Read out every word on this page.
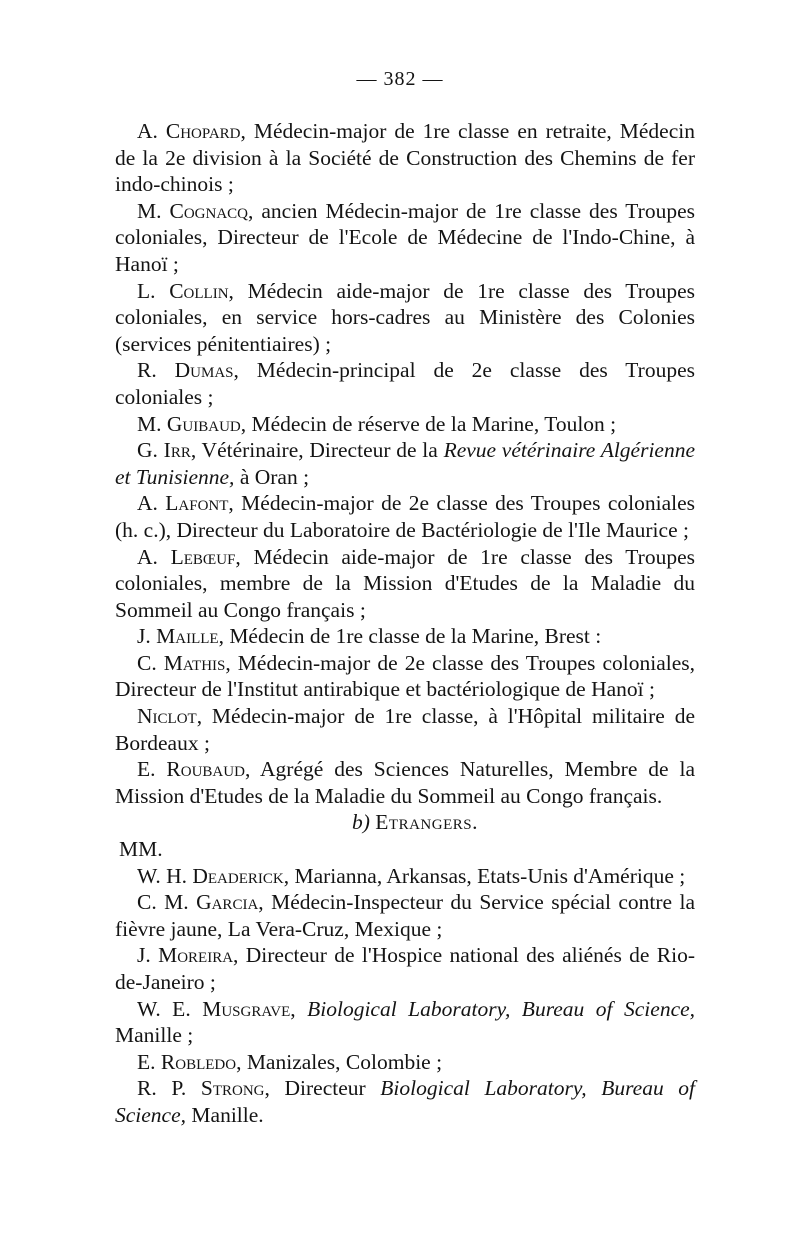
— 382 —

A. Chopard, Médecin-major de 1re classe en retraite, Médecin de la 2e division à la Société de Construction des Chemins de fer indo-chinois ;

M. Cognacq, ancien Médecin-major de 1re classe des Troupes coloniales, Directeur de l'Ecole de Médecine de l'Indo-Chine, à Hanoï ;

L. Collin, Médecin aide-major de 1re classe des Troupes coloniales, en service hors-cadres au Ministère des Colonies (services pénitentiaires) ;

R. Dumas, Médecin-principal de 2e classe des Troupes coloniales ;

M. Guibaud, Médecin de réserve de la Marine, Toulon ;

G. Irr, Vétérinaire, Directeur de la Revue vétérinaire Algérienne et Tunisienne, à Oran ;

A. Lafont, Médecin-major de 2e classe des Troupes coloniales (h. c.), Directeur du Laboratoire de Bactériologie de l'Ile Maurice ;

A. Lebœuf, Médecin aide-major de 1re classe des Troupes coloniales, membre de la Mission d'Etudes de la Maladie du Sommeil au Congo français ;

J. Maille, Médecin de 1re classe de la Marine, Brest :

C. Mathis, Médecin-major de 2e classe des Troupes coloniales, Directeur de l'Institut antirabique et bactériologique de Hanoï ;

Niclot, Médecin-major de 1re classe, à l'Hôpital militaire de Bordeaux ;

E. Roubaud, Agrégé des Sciences Naturelles, Membre de la Mission d'Etudes de la Maladie du Sommeil au Congo français.

b) Etrangers.

MM.

W. H. Deaderick, Marianna, Arkansas, Etats-Unis d'Amérique ;

C. M. Garcia, Médecin-Inspecteur du Service spécial contre la fièvre jaune, La Vera-Cruz, Mexique ;

J. Moreira, Directeur de l'Hospice national des aliénés de Rio-de-Janeiro ;

W. E. Musgrave, Biological Laboratory, Bureau of Science, Manille ;

E. Robledo, Manizales, Colombie ;

R. P. Strong, Directeur Biological Laboratory, Bureau of Science, Manille.
